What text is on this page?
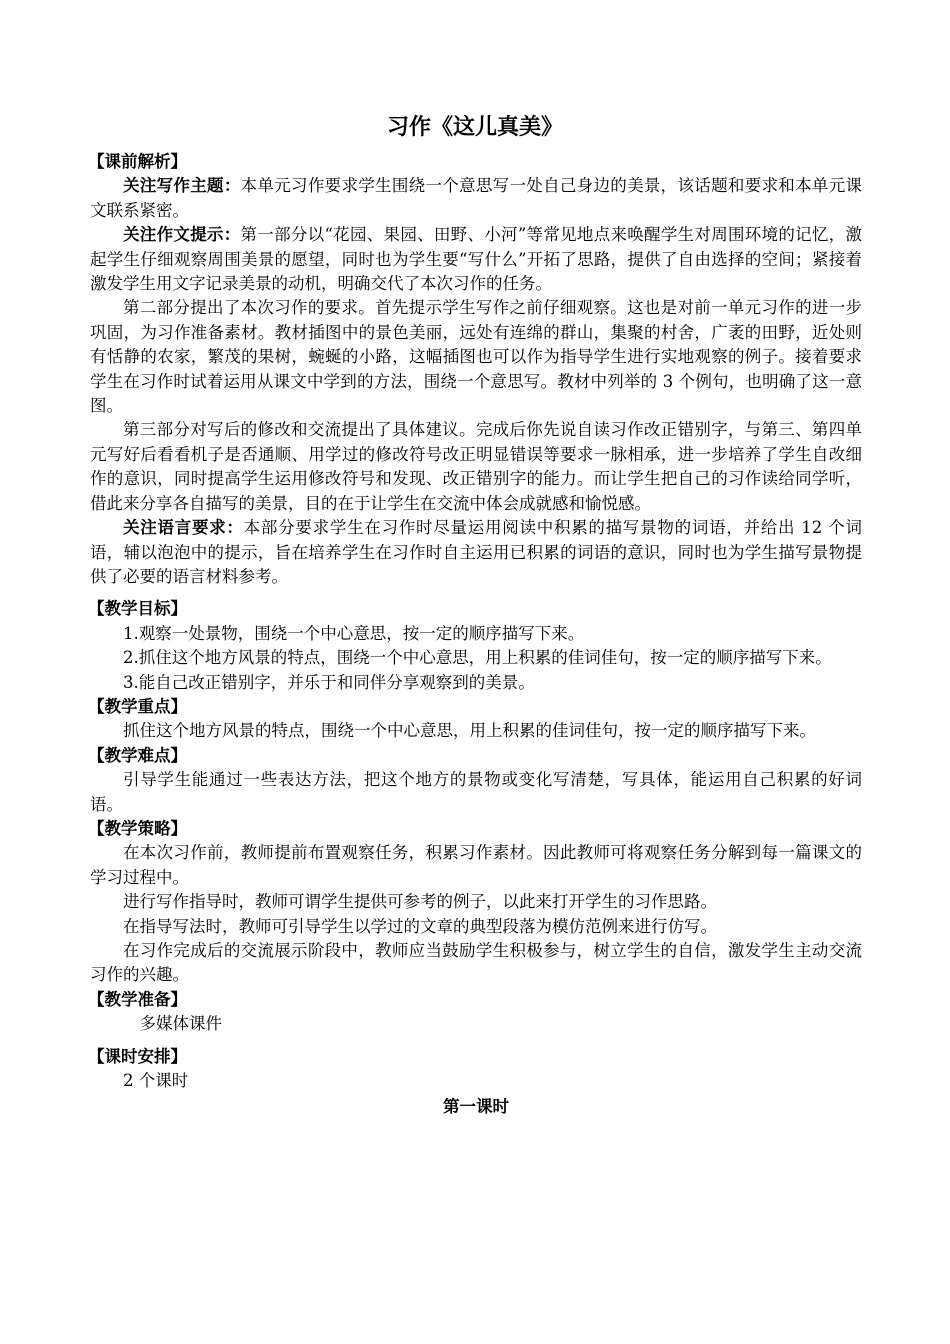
习作《这儿真美》

【课前解析】

关注写作主题：本单元习作要求学生围绕一个意思写一处自己身边的美景，该话题和要求和本单元课文联系紧密。

关注作文提示：第一部分以“花园、果园、田野、小河”等常见地点来唤醒学生对周围环境的记忆，激起学生仔细观察周围美景的愿望，同时也为学生要“写什么”开拓了思路，提供了自由选择的空间；紧接着激发学生用文字记录美景的动机，明确交代了本次习作的任务。

第二部分提出了本次习作的要求。首先提示学生写作之前仔细观察。这也是对前一单元习作的进一步巩固，为习作准备素材。教材插图中的景色美丽，远处有连绵的群山，集聚的村舍，广袤的田野，近处则有恬静的农家，繁茂的果树，蜿蜒的小路，这幅插图也可以作为指导学生进行实地观察的例子。接着要求学生在习作时试着运用从课文中学到的方法，围绕一个意思写。教材中列举的 3 个例句，也明确了这一意图。

第三部分对写后的修改和交流提出了具体建议。完成后你先说自读习作改正错别字，与第三、第四单元写好后看看机子是否通顺、用学过的修改符号改正明显错误等要求一脉相承，进一步培养了学生自改细作的意识，同时提高学生运用修改符号和发现、改正错别字的能力。而让学生把自己的习作读给同学听，借此来分享各自描写的美景，目的在于让学生在交流中体会成就感和愉悦感。

关注语言要求：本部分要求学生在习作时尽量运用阅读中积累的描写景物的词语，并给出 12 个词语，辅以泡泡中的提示，旨在培养学生在习作时自主运用已积累的词语的意识，同时也为学生描写景物提供了必要的语言材料参考。

【教学目标】

1.观察一处景物，围绕一个中心意思，按一定的顺序描写下来。

2.抓住这个地方风景的特点，围绕一个中心意思，用上积累的佳词佳句，按一定的顺序描写下来。

3.能自己改正错别字，并乐于和同伴分享观察到的美景。

【教学重点】

抓住这个地方风景的特点，围绕一个中心意思，用上积累的佳词佳句，按一定的顺序描写下来。

【教学难点】

引导学生能通过一些表达方法，把这个地方的景物或变化写清楚，写具体，能运用自己积累的好词语。

【教学策略】

在本次习作前，教师提前布置观察任务，积累习作素材。因此教师可将观察任务分解到每一篇课文的学习过程中。

进行写作指导时，教师可谓学生提供可参考的例子，以此来打开学生的习作思路。

在指导写法时，教师可引导学生以学过的文章的典型段落为模仿范例来进行仿写。

在习作完成后的交流展示阶段中，教师应当鼓励学生积极参与，树立学生的自信，激发学生主动交流习作的兴趣。

【教学准备】

多媒体课件

【课时安排】

2 个课时

第一课时
